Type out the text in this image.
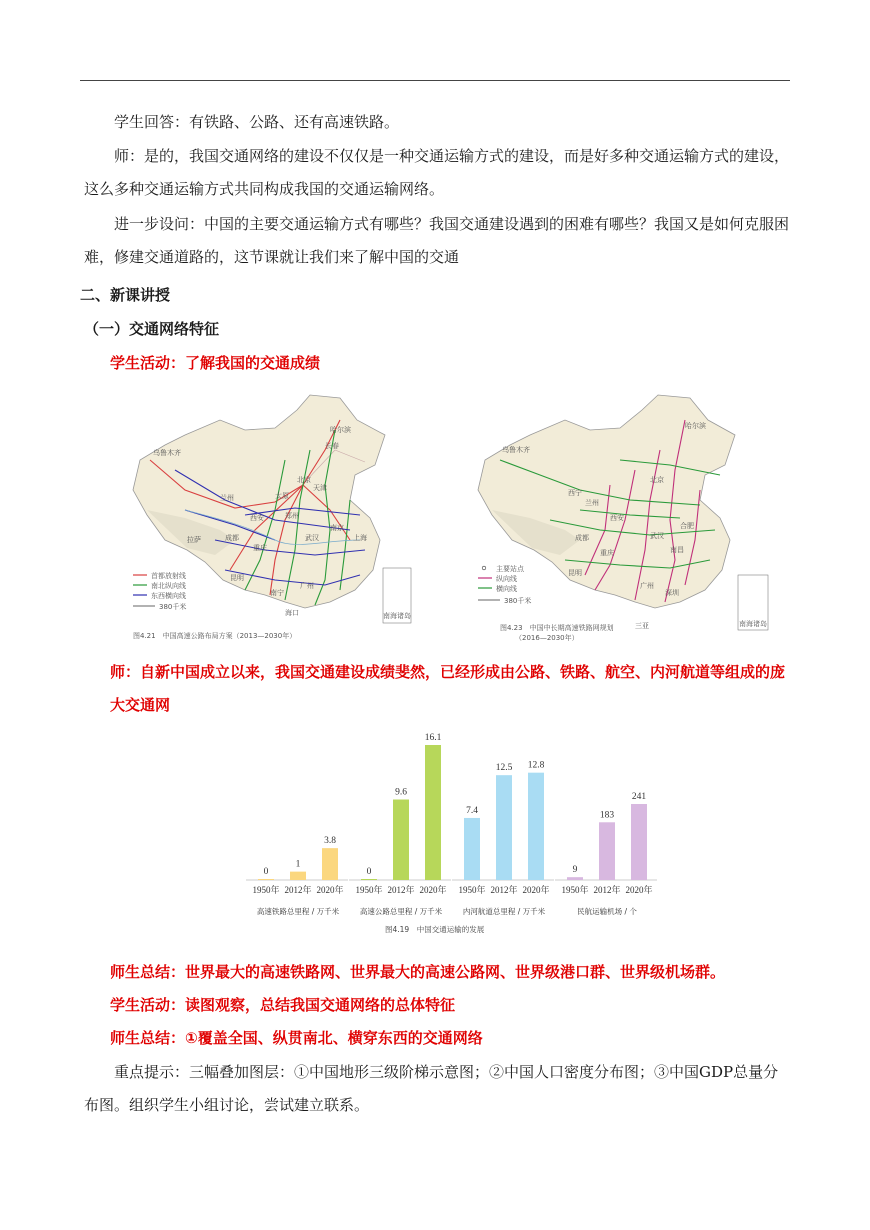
学生回答：有铁路、公路、还有高速铁路。
师：是的，我国交通网络的建设不仅仅是一种交通运输方式的建设，而是好多种交通运输方式的建设，这么多种交通运输方式共同构成我国的交通运输网络。
进一步设问：中国的主要交通运输方式有哪些？我国交通建设遇到的困难有哪些？我国又是如何克服困难，修建交通道路的，这节课就让我们来了解中国的交通
二、新课讲授
（一）交通网络特征
学生活动：了解我国的交通成绩
南海诸岛
首都放射线
南北纵向线
东西横向线
380千米
图4.21　中国高速公路布局方案（2013—2030年）
乌鲁木齐
哈尔滨
长春
北京
天津
太原
郑州
西安
兰州
拉萨	成都
重庆
武汉
南京
上海
广州
昆明
南宁
海口
南海诸岛
主要站点
纵向线
横向线
380千米
图4.23　中国中长期高速铁路网规划
（2016—2030年）
乌鲁木齐
哈尔滨
北京
西宁
兰州
西安
成都
重庆
武汉
合肥
南昌
昆明
广州
深圳
三亚
师：自新中国成立以来，我国交通建设成绩斐然，已经形成由公路、铁路、航空、内河航道等组成的庞大交通网
图4.19　中国交通运输的发展
0
1950年
1
2012年
3.8
2020年
高速铁路总里程 / 万千米
0
1950年
9.6
2012年
16.1
2020年
高速公路总里程 / 万千米
7.4
1950年
12.5
2012年
12.8
2020年
内河航道总里程 / 万千米
9
1950年
183
2012年
241
2020年
民航运输机场 / 个
师生总结：世界最大的高速铁路网、世界最大的高速公路网、世界级港口群、世界级机场群。
学生活动：读图观察，总结我国交通网络的总体特征
师生总结：①覆盖全国、纵贯南北、横穿东西的交通网络
重点提示：三幅叠加图层：①中国地形三级阶梯示意图；②中国人口密度分布图；③中国GDP总量分布图。组织学生小组讨论，尝试建立联系。
